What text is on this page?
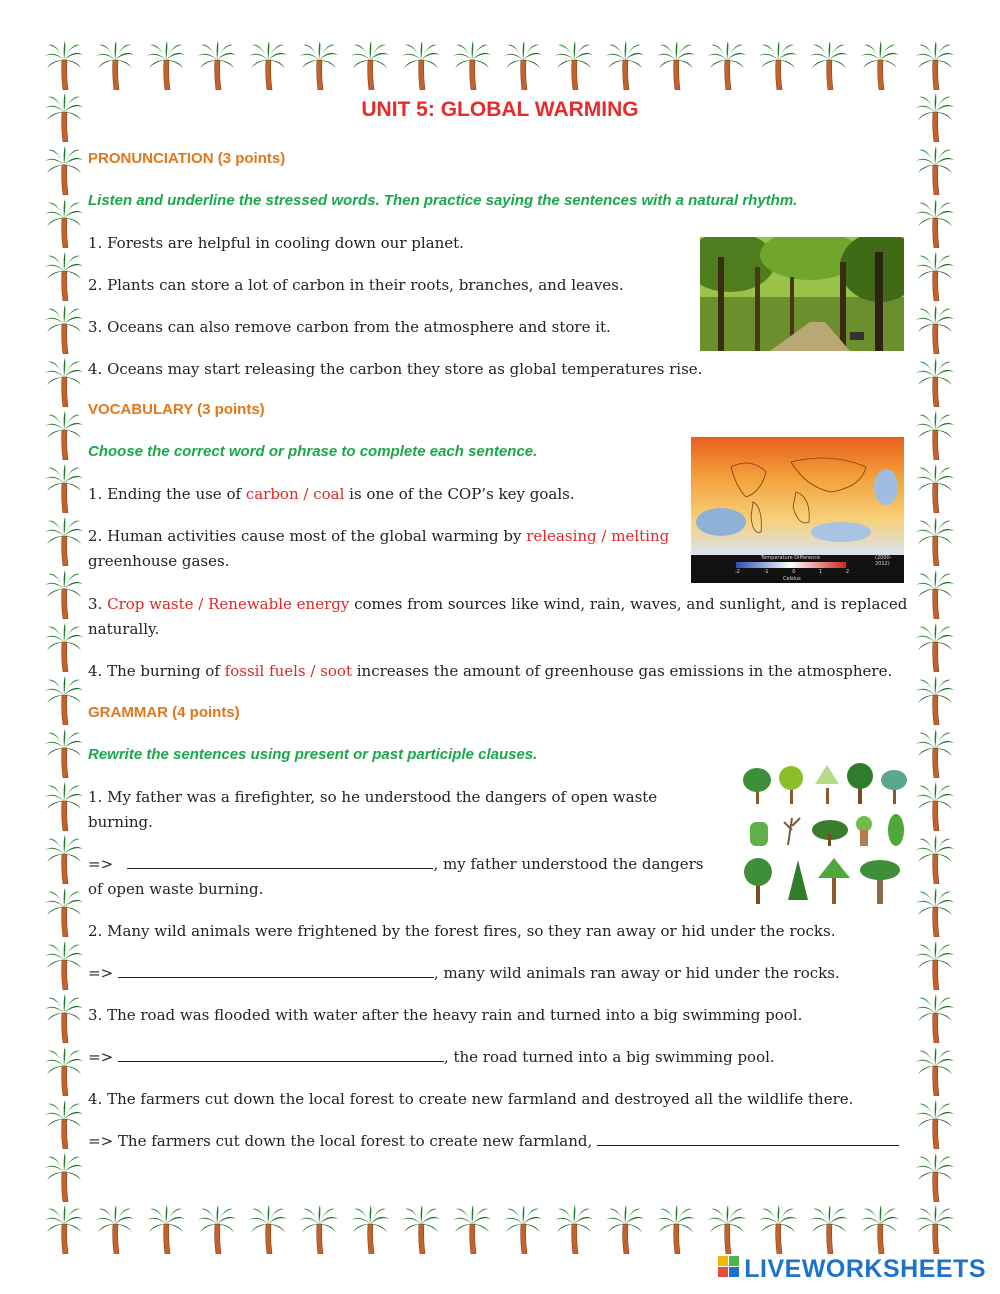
UNIT 5: GLOBAL WARMING
PRONUNCIATION (3 points)
Listen and underline the stressed words. Then practice saying the sentences with a natural rhythm.
1. Forests are helpful in cooling down our planet.
2. Plants can store a lot of carbon in their roots, branches, and leaves.
3. Oceans can also remove carbon from the atmosphere and store it.
4. Oceans may start releasing the carbon they store as global temperatures rise.
VOCABULARY (3 points)
Choose the correct word or phrase to complete each sentence.
1. Ending the use of carbon / coal is one of the COP’s key goals.
2. Human activities cause most of the global warming by releasing / melting
greenhouse gases.
3. Crop waste / Renewable energy comes from sources like wind, rain, waves, and sunlight, and is replaced
naturally.
4. The burning of fossil fuels / soot increases the amount of greenhouse gas emissions in the atmosphere.
Temperature Difference	(2000-2012)
-2	-1	0	1	2
Celsius
GRAMMAR (4 points)
Rewrite the sentences using present or past participle clauses.
1. My father was a firefighter, so he understood the dangers of open waste
burning.
=>	, my father understood the dangers
of open waste burning.
2. Many wild animals were frightened by the forest fires, so they ran away or hid under the rocks.
=>	, many wild animals ran away or hid under the rocks.
3. The road was flooded with water after the heavy rain and turned into a big swimming pool.
=>	, the road turned into a big swimming pool.
4. The farmers cut down the local forest to create new farmland and destroyed all the wildlife there.
=> The farmers cut down the local forest to create new farmland,
LIVEWORKSHEETS
